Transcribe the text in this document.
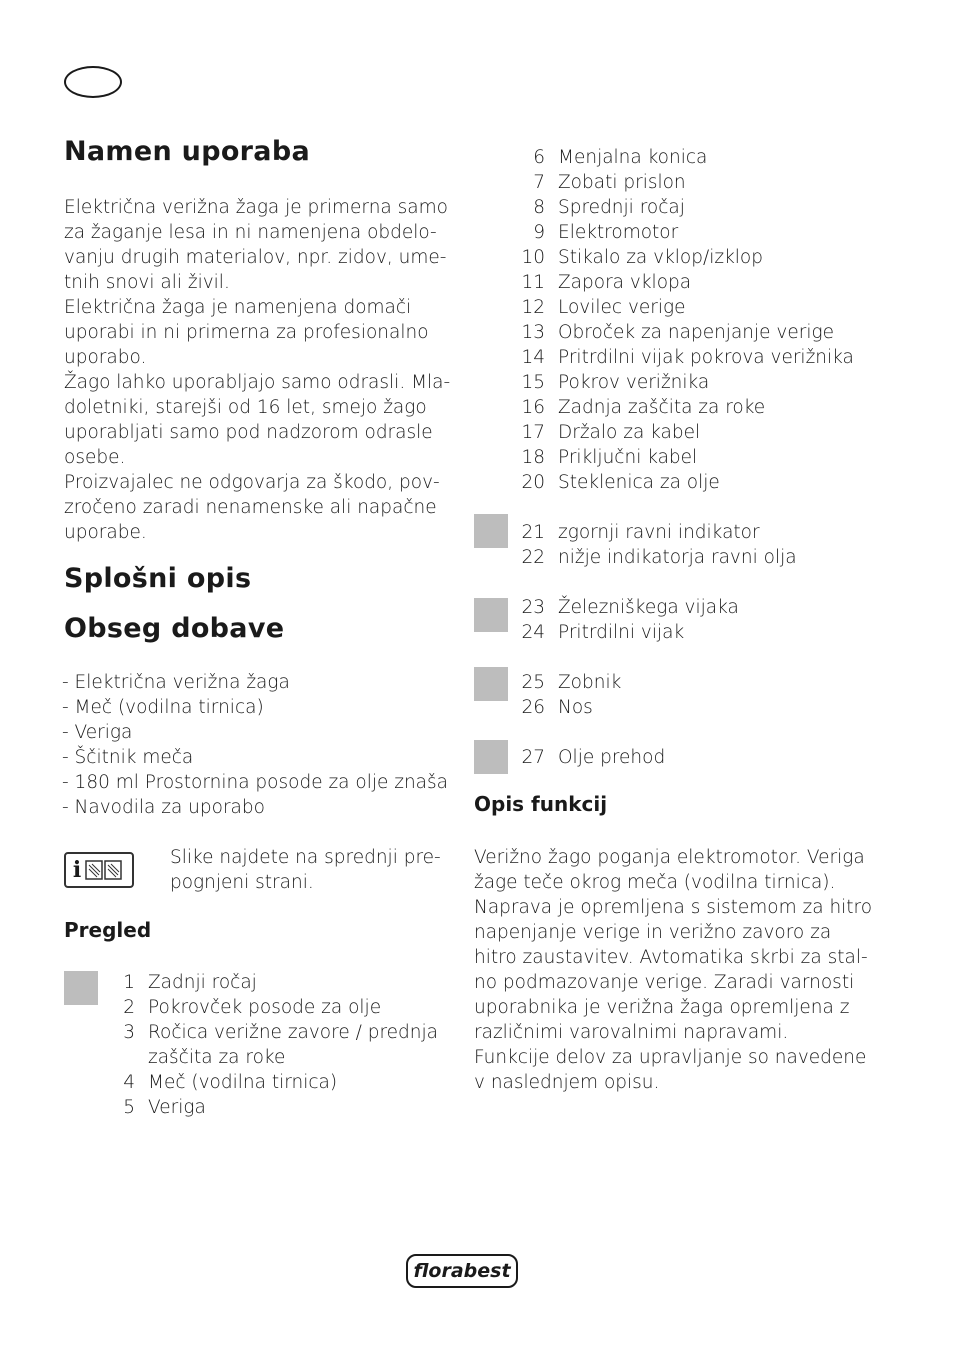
Namen uporaba

Električna verižna žaga je primerna samo
za žaganje lesa in ni namenjena obdelo-
vanju drugih materialov, npr. zidov, ume-
tnih snovi ali živil.
Električna žaga je namenjena domači
uporabi in ni primerna za profesionalno
uporabo.
Žago lahko uporabljajo samo odrasli. Mla-
doletniki, starejši od 16 let, smejo žago
uporabljati samo pod nadzorom odrasle
osebe.
Proizvajalec ne odgovarja za škodo, pov-
zročeno zaradi nenamenske ali napačne
uporabe.

Splošni opis
Obseg dobave
- Električna verižna žaga
- Meč (vodilna tirnica)
- Veriga
- Ščitnik meča
- 180 ml Prostornina posode za olje znaša
- Navodila za uporabo
i	Slike najdete na sprednji pre-
pognjeni strani.

Pregled
1 Zadnji ročaj
2 Pokrovček posode za olje
3 Ročica verižne zavore / prednja
zaščita za roke
4 Meč (vodilna tirnica)
5 Veriga
6 Menjalna konica
7 Zobati prislon
8 Sprednji ročaj
9 Elektromotor
10 Stikalo za vklop/izklop
11 Zapora vklopa
12 Lovilec verige
13 Obroček za napenjanje verige
14 Pritrdilni vijak pokrova verižnika
15 Pokrov verižnika
16 Zadnja zaščita za roke
17 Držalo za kabel
18 Priključni kabel
20 Steklenica za olje
21 zgornji ravni indikator
22 nižje indikatorja ravni olja
23 Železniškega vijaka
24 Pritrdilni vijak
25 Zobnik
26 Nos
27 Olje prehod
Opis funkcij

Verižno žago poganja elektromotor. Veriga
žage teče okrog meča (vodilna tirnica).
Naprava je opremljena s sistemom za hitro
napenjanje verige in verižno zavoro za
hitro zaustavitev. Avtomatika skrbi za stal-
no podmazovanje verige. Zaradi varnosti
uporabnika je verižna žaga opremljena z
različnimi varovalnimi napravami.
Funkcije delov za upravljanje so navedene
v naslednjem opisu.

florabest
